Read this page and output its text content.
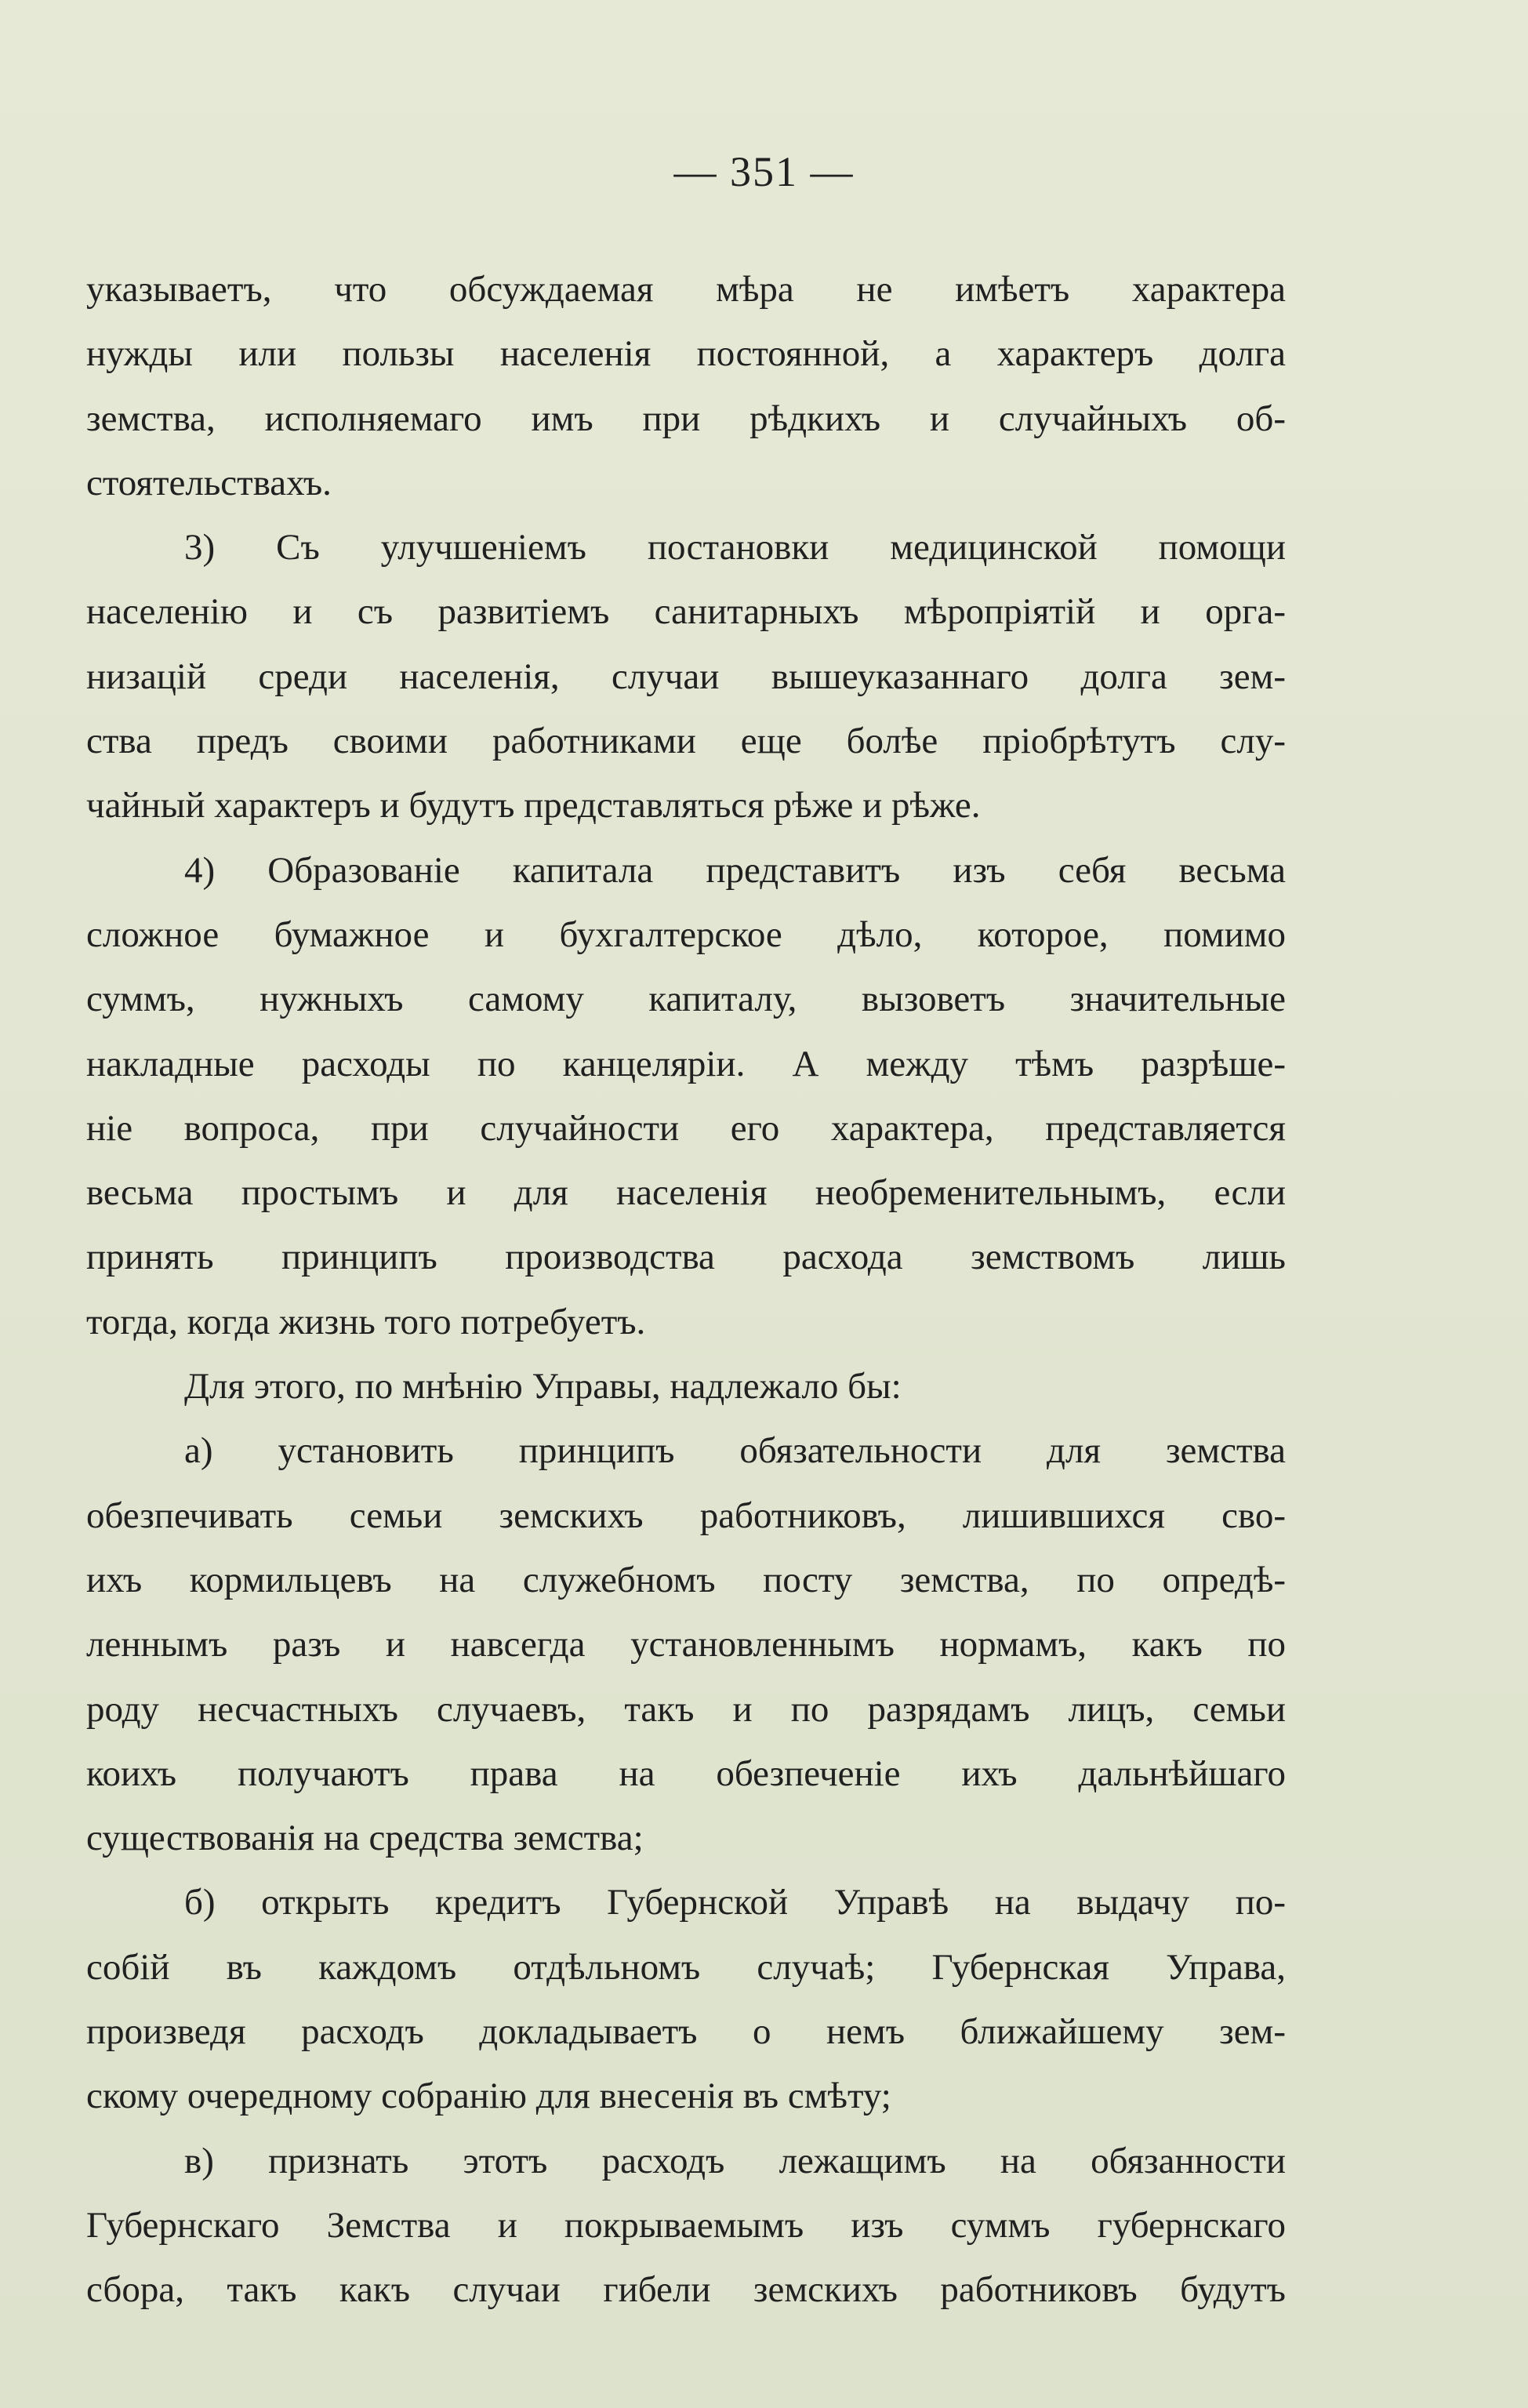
— 351 —
указываетъ, что обсуждаемая мѣра не имѣетъ характера
нужды или пользы населенія постоянной, а характеръ долга
земства, исполняемаго имъ при рѣдкихъ и случайныхъ об-
стоятельствахъ.
3) Съ улучшеніемъ постановки медицинской помощи
населенію и съ развитіемъ санитарныхъ мѣропріятій и орга-
низацій среди населенія, случаи вышеуказаннаго долга зем-
ства предъ своими работниками еще болѣе пріобрѣтутъ слу-
чайный характеръ и будутъ представляться рѣже и рѣже.
4) Образованіе капитала представитъ изъ себя весьма
сложное бумажное и бухгалтерское дѣло, которое, помимо
суммъ, нужныхъ самому капиталу, вызоветъ значительные
накладные расходы по канцеляріи. А между тѣмъ разрѣше-
ніе вопроса, при случайности его характера, представляется
весьма простымъ и для населенія необременительнымъ, если
принять принципъ производства расхода земствомъ лишь
тогда, когда жизнь того потребуетъ.
Для этого, по мнѣнію Управы, надлежало бы:
а) установить принципъ обязательности для земства
обезпечивать семьи земскихъ работниковъ, лишившихся сво-
ихъ кормильцевъ на служебномъ посту земства, по опредѣ-
леннымъ разъ и навсегда установленнымъ нормамъ, какъ по
роду несчастныхъ случаевъ, такъ и по разрядамъ лицъ, семьи
коихъ получаютъ права на обезпеченіе ихъ дальнѣйшаго
существованія на средства земства;
б) открыть кредитъ Губернской Управѣ на выдачу по-
собій въ каждомъ отдѣльномъ случаѣ; Губернская Управа,
произведя расходъ докладываетъ о немъ ближайшему зем-
скому очередному собранію для внесенія въ смѣту;
в) признать этотъ расходъ лежащимъ на обязанности
Губернскаго Земства и покрываемымъ изъ суммъ губернскаго
сбора, такъ какъ случаи гибели земскихъ работниковъ будутъ
